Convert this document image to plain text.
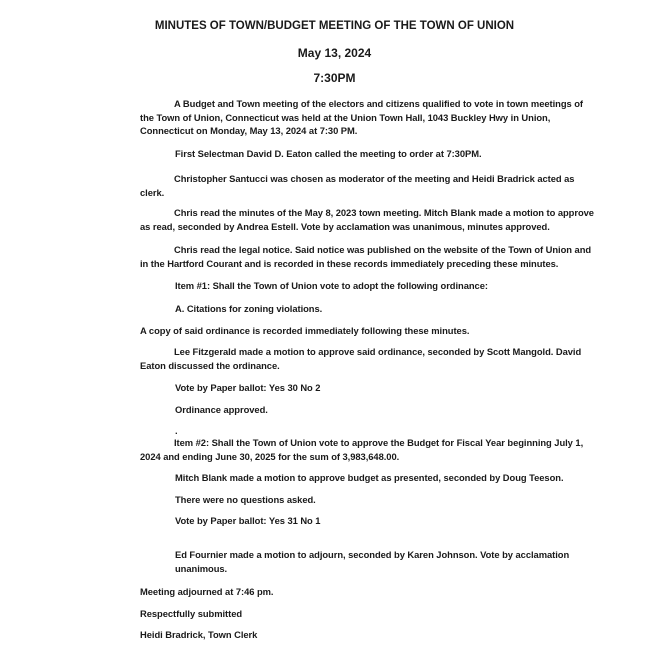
MINUTES OF TOWN/BUDGET MEETING OF THE TOWN OF UNION
May 13, 2024
7:30PM
A Budget and Town meeting of the electors and citizens qualified to vote in town meetings of the Town of Union, Connecticut was held at the Union Town Hall, 1043 Buckley Hwy in Union, Connecticut on Monday, May 13, 2024 at 7:30 PM.
First Selectman David D. Eaton called the meeting to order at 7:30PM.
Christopher Santucci was chosen as moderator of the meeting and Heidi Bradrick acted as clerk.
Chris read the minutes of the May 8, 2023 town meeting. Mitch Blank made a motion to approve as read, seconded by Andrea Estell. Vote by acclamation was unanimous, minutes approved.
Chris read the legal notice. Said notice was published on the website of the Town of Union and in the Hartford Courant and is recorded in these records immediately preceding these minutes.
Item #1: Shall the Town of Union vote to adopt the following ordinance:
A. Citations for zoning violations.
A copy of said ordinance is recorded immediately following these minutes.
Lee Fitzgerald made a motion to approve said ordinance, seconded by Scott Mangold. David Eaton discussed the ordinance.
Vote by Paper ballot: Yes 30 No 2
Ordinance approved.
.
Item #2: Shall the Town of Union vote to approve the Budget for Fiscal Year beginning July 1, 2024 and ending June 30, 2025 for the sum of 3,983,648.00.
Mitch Blank made a motion to approve budget as presented, seconded by Doug Teeson.
There were no questions asked.
Vote by Paper ballot: Yes 31 No 1
Ed Fournier made a motion to adjourn, seconded by Karen Johnson. Vote by acclamation unanimous.
Meeting adjourned at 7:46 pm.
Respectfully submitted
Heidi Bradrick, Town Clerk
